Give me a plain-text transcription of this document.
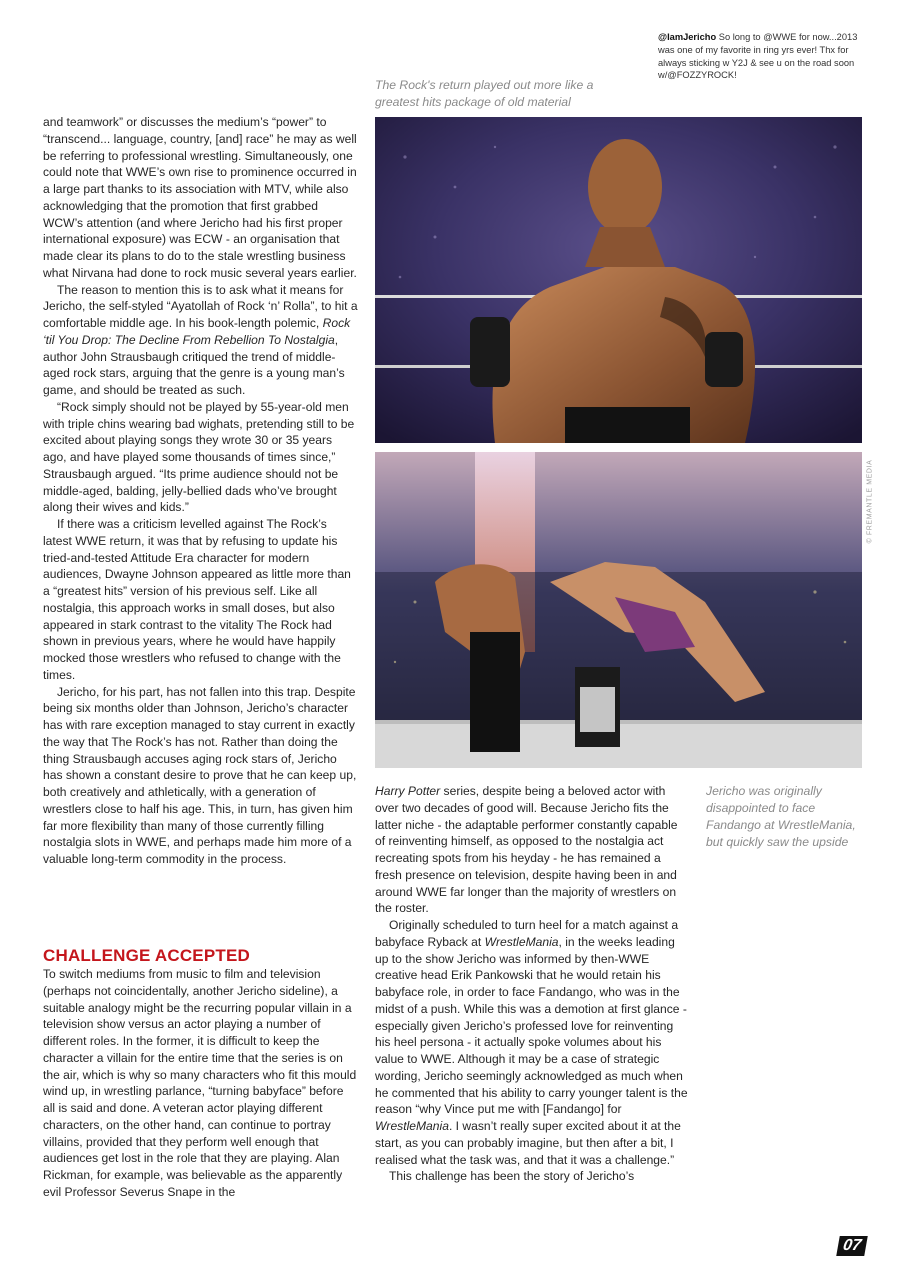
@IamJericho So long to @WWE for now...2013 was one of my favorite in ring yrs ever! Thx for always sticking w Y2J & see u on the road soon w/@FOZZYROCK!
The Rock's return played out more like a greatest hits package of old material
© FREMANTLE MEDIA

and teamwork” or discusses the medium’s “power” to “transcend... language, country, [and] race” he may as well be referring to professional wrestling. Simultaneously, one could note that WWE’s own rise to prominence occurred in a large part thanks to its association with MTV, while also acknowledging that the promotion that first grabbed WCW’s attention (and where Jericho had his first proper international exposure) was ECW - an organisation that made clear its plans to do to the stale wrestling business what Nirvana had done to rock music several years earlier.

The reason to mention this is to ask what it means for Jericho, the self-styled “Ayatollah of Rock ‘n’ Rolla”, to hit a comfortable middle age. In his book-length polemic, Rock ‘til You Drop: The Decline From Rebellion To Nostalgia, author John Strausbaugh critiqued the trend of middle-aged rock stars, arguing that the genre is a young man’s game, and should be treated as such.

“Rock simply should not be played by 55-year-old men with triple chins wearing bad wighats, pretending still to be excited about playing songs they wrote 30 or 35 years ago, and have played some thousands of times since,” Strausbaugh argued. “Its prime audience should not be middle-aged, balding, jelly-bellied dads who’ve brought along their wives and kids.”

If there was a criticism levelled against The Rock’s latest WWE return, it was that by refusing to update his tried-and-tested Attitude Era character for modern audiences, Dwayne Johnson appeared as little more than a “greatest hits” version of his previous self. Like all nostalgia, this approach works in small doses, but also appeared in stark contrast to the vitality The Rock had shown in previous years, where he would have happily mocked those wrestlers who refused to change with the times.

Jericho, for his part, has not fallen into this trap. Despite being six months older than Johnson, Jericho’s character has with rare exception managed to stay current in exactly the way that The Rock’s has not. Rather than doing the thing Strausbaugh accuses aging rock stars of, Jericho has shown a constant desire to prove that he can keep up, both creatively and athletically, with a generation of wrestlers close to half his age. This, in turn, has given him far more flexibility than many of those currently filling nostalgia slots in WWE, and perhaps made him more of a valuable long-term commodity in the process.

CHALLENGE ACCEPTED

To switch mediums from music to film and television (perhaps not coincidentally, another Jericho sideline), a suitable analogy might be the recurring popular villain in a television show versus an actor playing a number of different roles. In the former, it is difficult to keep the character a villain for the entire time that the series is on the air, which is why so many characters who fit this mould wind up, in wrestling parlance, “turning babyface” before all is said and done. A veteran actor playing different characters, on the other hand, can continue to portray villains, provided that they perform well enough that audiences get lost in the role that they are playing. Alan Rickman, for example, was believable as the apparently evil Professor Severus Snape in the

Harry Potter series, despite being a beloved actor with over two decades of good will. Because Jericho fits the latter niche - the adaptable performer constantly capable of reinventing himself, as opposed to the nostalgia act recreating spots from his heyday - he has remained a fresh presence on television, despite having been in and around WWE far longer than the majority of wrestlers on the roster.

Originally scheduled to turn heel for a match against a babyface Ryback at WrestleMania, in the weeks leading up to the show Jericho was informed by then-WWE creative head Erik Pankowski that he would retain his babyface role, in order to face Fandango, who was in the midst of a push. While this was a demotion at first glance - especially given Jericho’s professed love for reinventing his heel persona - it actually spoke volumes about his value to WWE. Although it may be a case of strategic wording, Jericho seemingly acknowledged as much when he commented that his ability to carry younger talent is the reason “why Vince put me with [Fandango] for WrestleMania. I wasn’t really super excited about it at the start, as you can probably imagine, but then after a bit, I realised what the task was, and that it was a challenge.”

This challenge has been the story of Jericho’s

Jericho was originally disappointed to face Fandango at WrestleMania, but quickly saw the upside
07
